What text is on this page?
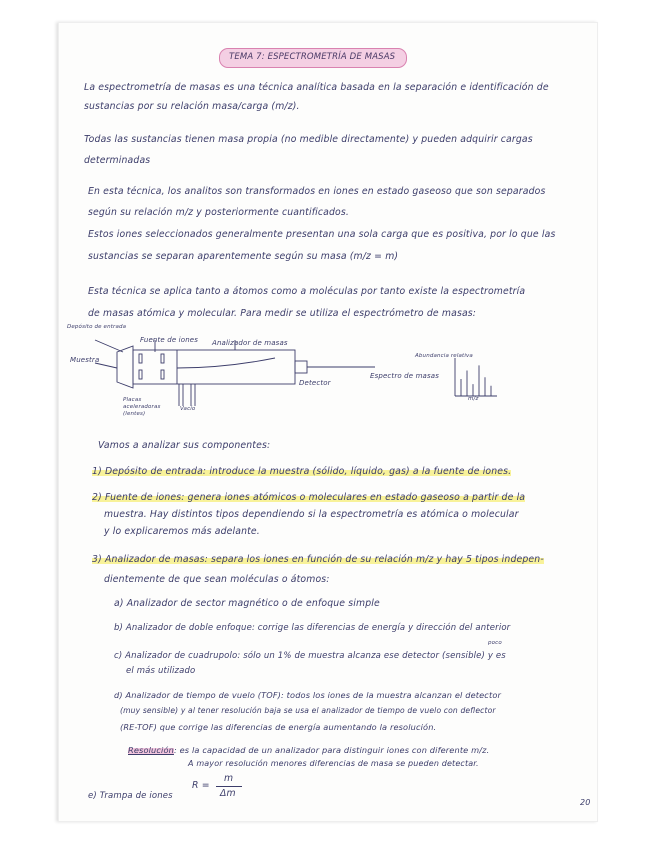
TEMA 7: ESPECTROMETRÍA DE MASAS
La espectrometría de masas es una técnica analítica basada en la separación e identificación de
sustancias por su relación masa/carga (m/z).
Todas las sustancias tienen masa propia (no medible directamente) y pueden adquirir cargas
determinadas
En esta técnica, los analitos son transformados en iones en estado gaseoso que son separados
según su relación m/z y posteriormente cuantificados.
Estos iones seleccionados generalmente presentan una sola carga que es positiva, por lo que las
sustancias se separan aparentemente según su masa (m/z = m)
Esta técnica se aplica tanto a átomos como a moléculas por tanto existe la espectrometría
de masas atómica y molecular. Para medir se utiliza el espectrómetro de masas:
Depósito de entrada
Fuente de iones Analizador de masas
Muestra
Detector
Espectro de masas
Abundancia relativa
m/z
Placas aceleradoras (lentes)
Vacío
Vamos a analizar sus componentes:
1) Depósito de entrada: introduce la muestra (sólido, líquido, gas) a la fuente de iones.
2) Fuente de iones: genera iones atómicos o moleculares en estado gaseoso a partir de la
muestra. Hay distintos tipos dependiendo si la espectrometría es atómica o molecular
y lo explicaremos más adelante.
3) Analizador de masas: separa los iones en función de su relación m/z y hay 5 tipos indepen-
dientemente de que sean moléculas o átomos:
a) Analizador de sector magnético o de enfoque simple
b) Analizador de doble enfoque: corrige las diferencias de energía y dirección del anterior
poco
c) Analizador de cuadrupolo: sólo un 1% de muestra alcanza ese detector (sensible) y es
el más utilizado
d) Analizador de tiempo de vuelo (TOF): todos los iones de la muestra alcanzan el detector
(muy sensible) y al tener resolución baja se usa el analizador de tiempo de vuelo con deflector
(RE-TOF) que corrige las diferencias de energía aumentando la resolución.
Resolución: es la capacidad de un analizador para distinguir iones con diferente m/z.
A mayor resolución menores diferencias de masa se pueden detectar.
R =
m
Δm
e) Trampa de iones
20
